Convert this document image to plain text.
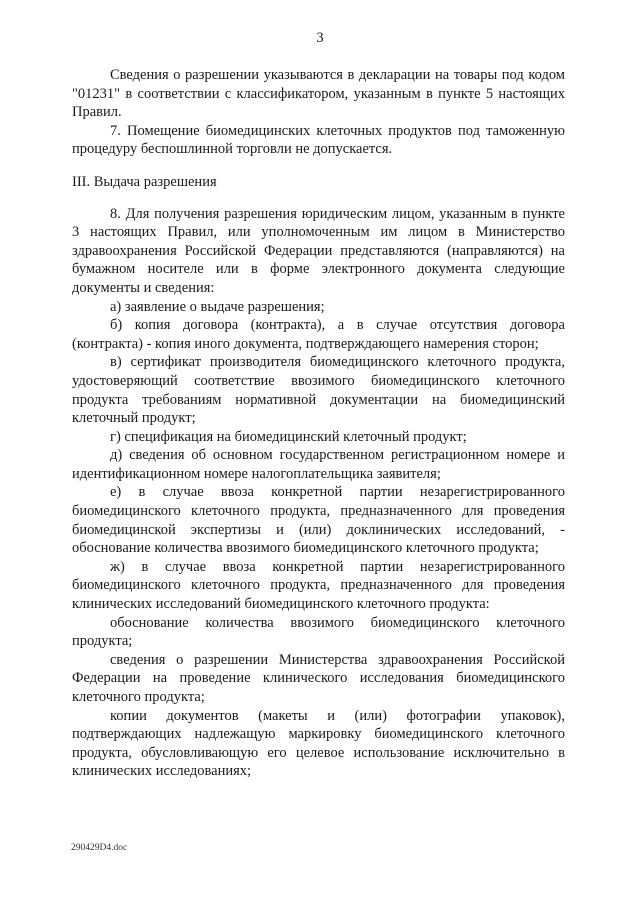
3

Сведения о разрешении указываются в декларации на товары под кодом "01231" в соответствии с классификатором, указанным в пункте 5 настоящих Правил.

7. Помещение биомедицинских клеточных продуктов под таможенную процедуру беспошлинной торговли не допускается.

III. Выдача разрешения

8. Для получения разрешения юридическим лицом, указанным в пункте 3 настоящих Правил, или уполномоченным им лицом в Министерство здравоохранения Российской Федерации представляются (направляются) на бумажном носителе или в форме электронного документа следующие документы и сведения:

а) заявление о выдаче разрешения;

б) копия договора (контракта), а в случае отсутствия договора (контракта) - копия иного документа, подтверждающего намерения сторон;

в) сертификат производителя биомедицинского клеточного продукта, удостоверяющий соответствие ввозимого биомедицинского клеточного продукта требованиям нормативной документации на биомедицинский клеточный продукт;

г) спецификация на биомедицинский клеточный продукт;

д) сведения об основном государственном регистрационном номере и идентификационном номере налогоплательщика заявителя;

е) в случае ввоза конкретной партии незарегистрированного биомедицинского клеточного продукта, предназначенного для проведения биомедицинской экспертизы и (или) доклинических исследований, - обоснование количества ввозимого биомедицинского клеточного продукта;

ж) в случае ввоза конкретной партии незарегистрированного биомедицинского клеточного продукта, предназначенного для проведения клинических исследований биомедицинского клеточного продукта:

обоснование количества ввозимого биомедицинского клеточного продукта;

сведения о разрешении Министерства здравоохранения Российской Федерации на проведение клинического исследования биомедицинского клеточного продукта;

копии документов (макеты и (или) фотографии упаковок), подтверждающих надлежащую маркировку биомедицинского клеточного продукта, обусловливающую его целевое использование исключительно в клинических исследованиях;

290429D4.doc
